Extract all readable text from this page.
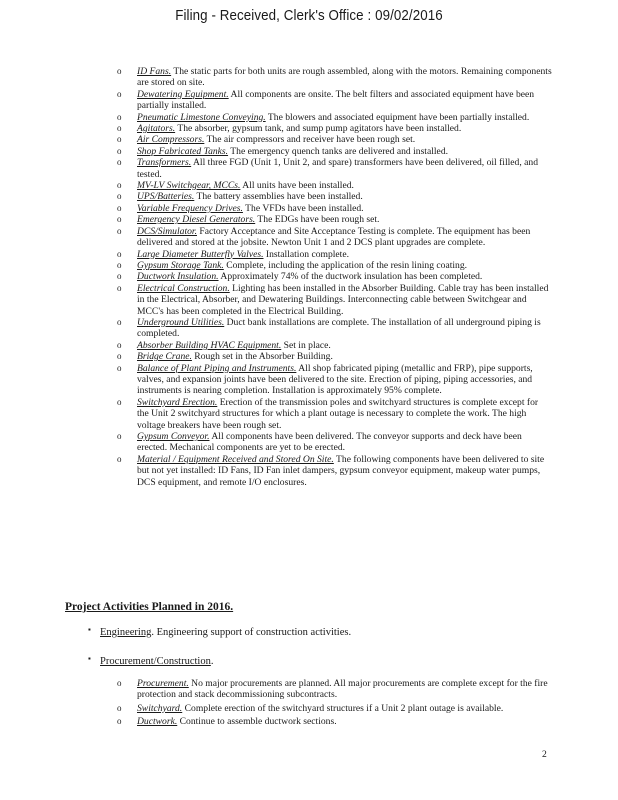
Filing - Received, Clerk's Office : 09/02/2016
o ID Fans. The static parts for both units are rough assembled, along with the motors. Remaining components are stored on site.
o Dewatering Equipment. All components are onsite. The belt filters and associated equipment have been partially installed.
o Pneumatic Limestone Conveying. The blowers and associated equipment have been partially installed.
o Agitators. The absorber, gypsum tank, and sump pump agitators have been installed.
o Air Compressors. The air compressors and receiver have been rough set.
o Shop Fabricated Tanks. The emergency quench tanks are delivered and installed.
o Transformers. All three FGD (Unit 1, Unit 2, and spare) transformers have been delivered, oil filled, and tested.
o MV-LV Switchgear, MCCs. All units have been installed.
o UPS/Batteries. The battery assemblies have been installed.
o Variable Frequency Drives. The VFDs have been installed.
o Emergency Diesel Generators. The EDGs have been rough set.
o DCS/Simulator. Factory Acceptance and Site Acceptance Testing is complete. The equipment has been delivered and stored at the jobsite. Newton Unit 1 and 2 DCS plant upgrades are complete.
o Large Diameter Butterfly Valves. Installation complete.
o Gypsum Storage Tank. Complete, including the application of the resin lining coating.
o Ductwork Insulation. Approximately 74% of the ductwork insulation has been completed.
o Electrical Construction. Lighting has been installed in the Absorber Building. Cable tray has been installed in the Electrical, Absorber, and Dewatering Buildings. Interconnecting cable between Switchgear and MCC's has been completed in the Electrical Building.
o Underground Utilities. Duct bank installations are complete. The installation of all underground piping is completed.
o Absorber Building HVAC Equipment. Set in place.
o Bridge Crane. Rough set in the Absorber Building.
o Balance of Plant Piping and Instruments. All shop fabricated piping (metallic and FRP), pipe supports, valves, and expansion joints have been delivered to the site. Erection of piping, piping accessories, and instruments is nearing completion. Installation is approximately 95% complete.
o Switchyard Erection. Erection of the transmission poles and switchyard structures is complete except for the Unit 2 switchyard structures for which a plant outage is necessary to complete the work. The high voltage breakers have been rough set.
o Gypsum Conveyor. All components have been delivered. The conveyor supports and deck have been erected. Mechanical components are yet to be erected.
o Material / Equipment Received and Stored On Site. The following components have been delivered to site but not yet installed: ID Fans, ID Fan inlet dampers, gypsum conveyor equipment, makeup water pumps, DCS equipment, and remote I/O enclosures.
Project Activities Planned in 2016.
▪ Engineering. Engineering support of construction activities.
▪ Procurement/Construction.
o Procurement. No major procurements are planned. All major procurements are complete except for the fire protection and stack decommissioning subcontracts.
o Switchyard. Complete erection of the switchyard structures if a Unit 2 plant outage is available.
o Ductwork. Continue to assemble ductwork sections.
2
